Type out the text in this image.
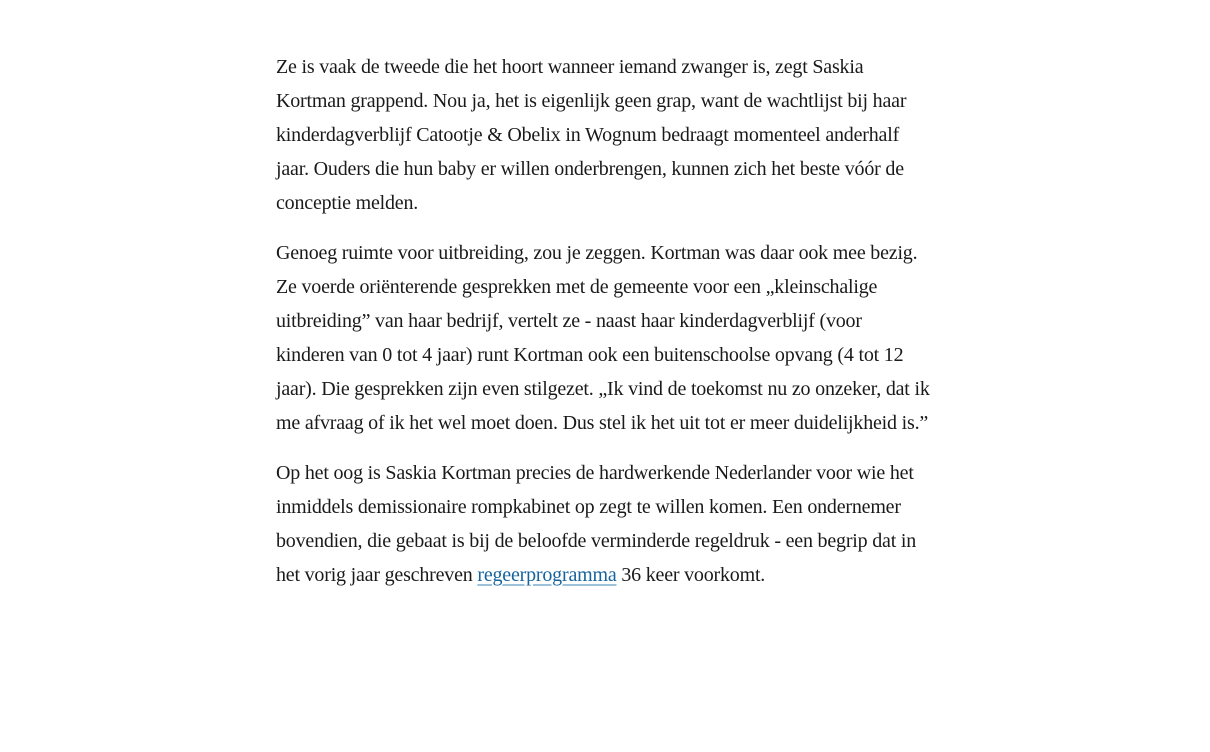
Ze is vaak de tweede die het hoort wanneer iemand zwanger is, zegt Saskia Kortman grappend. Nou ja, het is eigenlijk geen grap, want de wachtlijst bij haar kinderdagverblijf Catootje & Obelix in Wognum bedraagt momenteel anderhalf jaar. Ouders die hun baby er willen onderbrengen, kunnen zich het beste vóór de conceptie melden.

Genoeg ruimte voor uitbreiding, zou je zeggen. Kortman was daar ook mee bezig. Ze voerde oriënterende gesprekken met de gemeente voor een „kleinschalige uitbreiding” van haar bedrijf, vertelt ze - naast haar kinderdagverblijf (voor kinderen van 0 tot 4 jaar) runt Kortman ook een buitenschoolse opvang (4 tot 12 jaar). Die gesprekken zijn even stilgezet. „Ik vind de toekomst nu zo onzeker, dat ik me afvraag of ik het wel moet doen. Dus stel ik het uit tot er meer duidelijkheid is.”

Op het oog is Saskia Kortman precies de hardwerkende Nederlander voor wie het inmiddels demissionaire rompkabinet op zegt te willen komen. Een ondernemer bovendien, die gebaat is bij de beloofde verminderde regeldruk - een begrip dat in het vorig jaar geschreven regeerprogramma 36 keer voorkomt.
